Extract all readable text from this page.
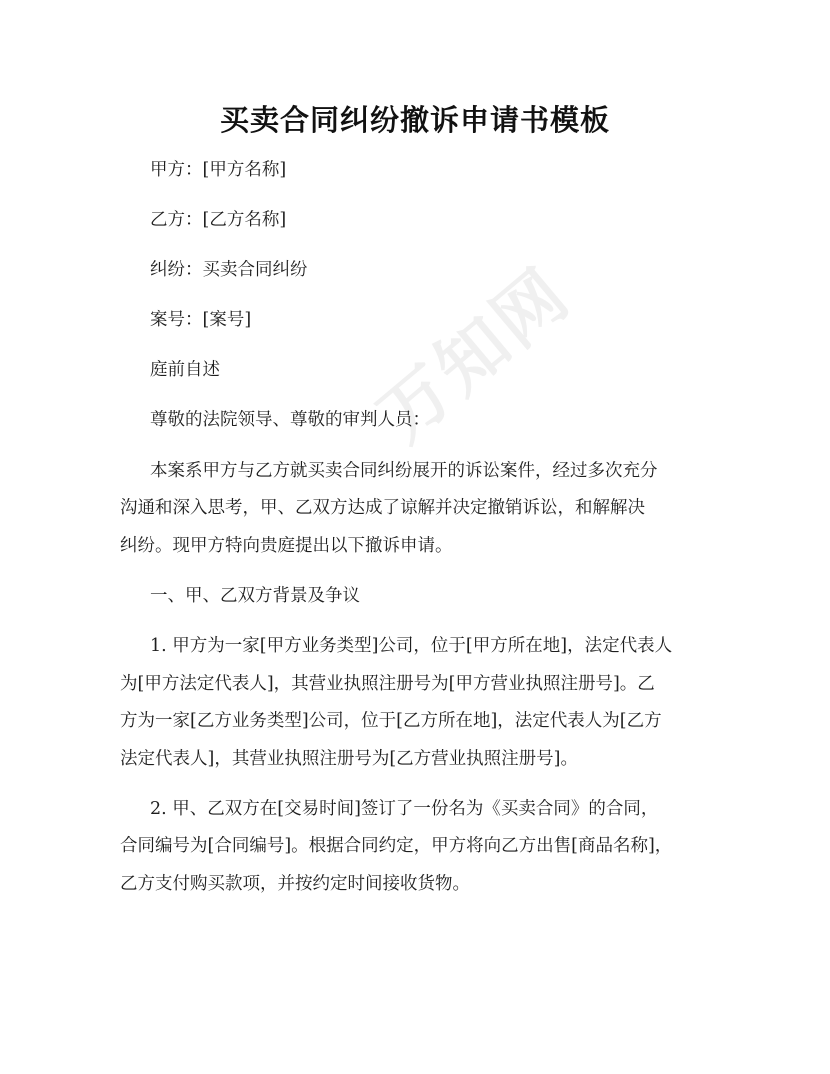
万知网
买卖合同纠纷撤诉申请书模板
甲方：[甲方名称]
乙方：[乙方名称]
纠纷：买卖合同纠纷
案号：[案号]
庭前自述
尊敬的法院领导、尊敬的审判人员：
本案系甲方与乙方就买卖合同纠纷展开的诉讼案件，经过多次充分
沟通和深入思考，甲、乙双方达成了谅解并决定撤销诉讼，和解解决
纠纷。现甲方特向贵庭提出以下撤诉申请。
一、甲、乙双方背景及争议
1. 甲方为一家[甲方业务类型]公司，位于[甲方所在地]，法定代表人
为[甲方法定代表人]，其营业执照注册号为[甲方营业执照注册号]。乙
方为一家[乙方业务类型]公司，位于[乙方所在地]，法定代表人为[乙方
法定代表人]，其营业执照注册号为[乙方营业执照注册号]。
2. 甲、乙双方在[交易时间]签订了一份名为《买卖合同》的合同，
合同编号为[合同编号]。根据合同约定，甲方将向乙方出售[商品名称]，
乙方支付购买款项，并按约定时间接收货物。
